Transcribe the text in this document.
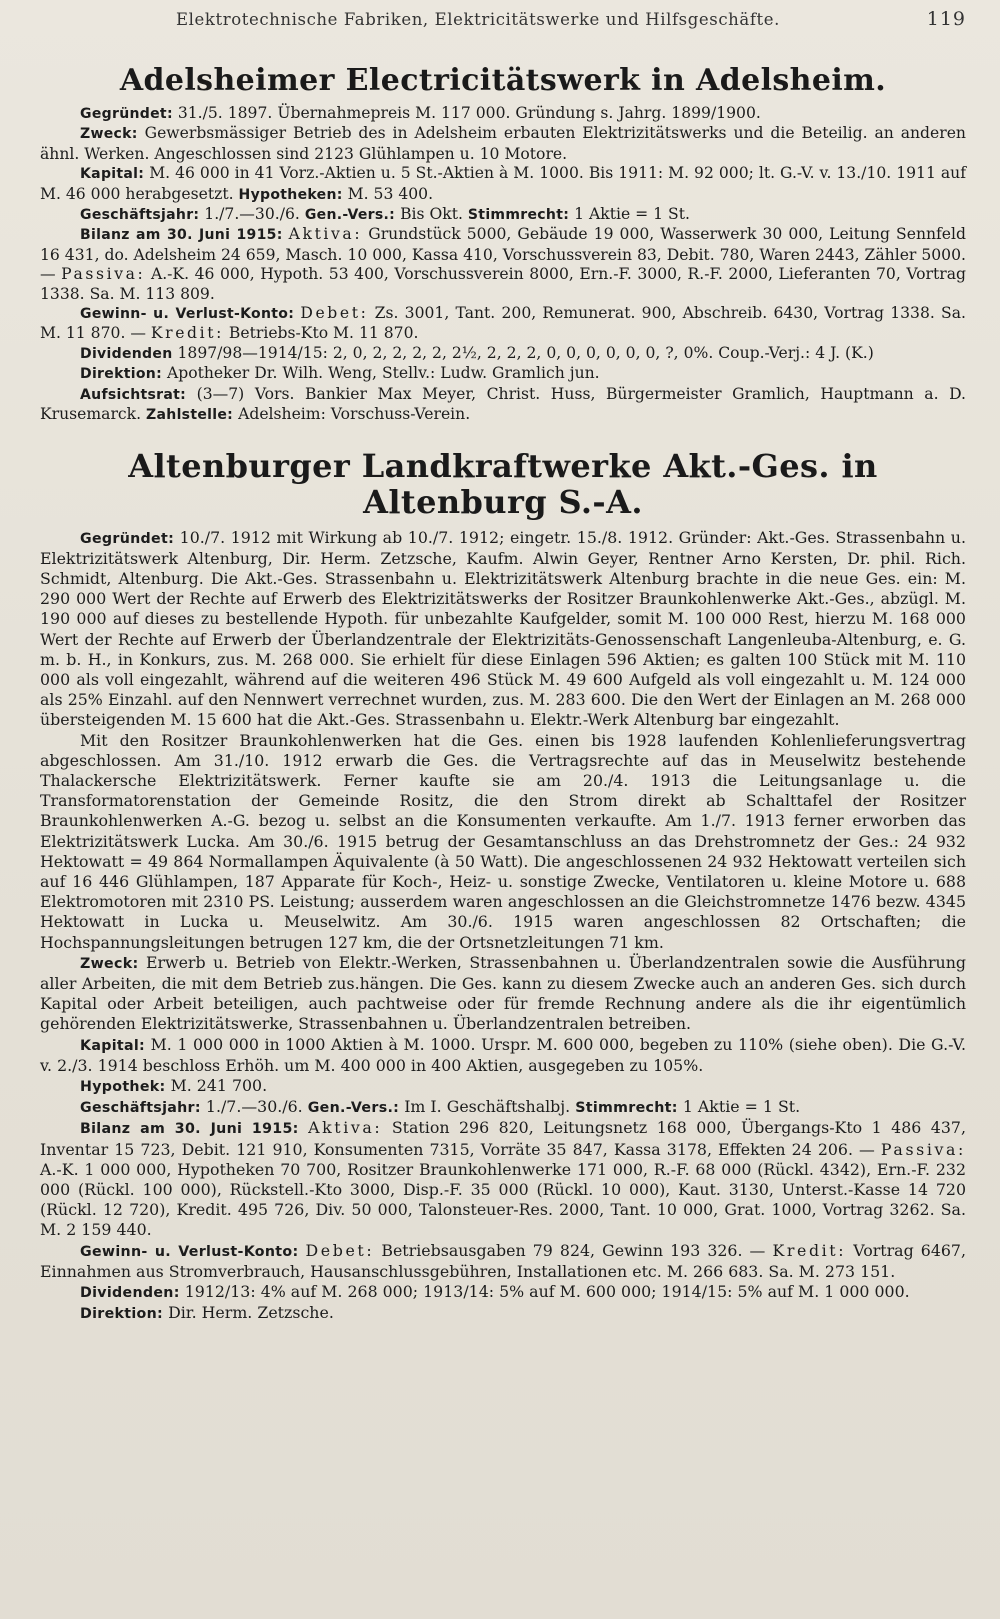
Elektrotechnische Fabriken, Elektricitätswerke und Hilfsgeschäfte.	119
Adelsheimer Electricitätswerk in Adelsheim.

Gegründet: 31./5. 1897. Übernahmepreis M. 117 000. Gründung s. Jahrg. 1899/1900.

Zweck: Gewerbsmässiger Betrieb des in Adelsheim erbauten Elektrizitätswerks und die Beteilig. an anderen ähnl. Werken. Angeschlossen sind 2123 Glühlampen u. 10 Motore.

Kapital: M. 46 000 in 41 Vorz.-Aktien u. 5 St.-Aktien à M. 1000. Bis 1911: M. 92 000; lt. G.-V. v. 13./10. 1911 auf M. 46 000 herabgesetzt. Hypotheken: M. 53 400.

Geschäftsjahr: 1./7.—30./6. Gen.-Vers.: Bis Okt. Stimmrecht: 1 Aktie = 1 St.

Bilanz am 30. Juni 1915: Aktiva: Grundstück 5000, Gebäude 19 000, Wasserwerk 30 000, Leitung Sennfeld 16 431, do. Adelsheim 24 659, Masch. 10 000, Kassa 410, Vorschussverein 83, Debit. 780, Waren 2443, Zähler 5000. — Passiva: A.-K. 46 000, Hypoth. 53 400, Vorschussverein 8000, Ern.-F. 3000, R.-F. 2000, Lieferanten 70, Vortrag 1338. Sa. M. 113 809.

Gewinn- u. Verlust-Konto: Debet: Zs. 3001, Tant. 200, Remunerat. 900, Abschreib. 6430, Vortrag 1338. Sa. M. 11 870. — Kredit: Betriebs-Kto M. 11 870.

Dividenden 1897/98—1914/15: 2, 0, 2, 2, 2, 2, 2½, 2, 2, 2, 0, 0, 0, 0, 0, 0, ?, 0%. Coup.-Verj.: 4 J. (K.)

Direktion: Apotheker Dr. Wilh. Weng, Stellv.: Ludw. Gramlich jun.

Aufsichtsrat: (3—7) Vors. Bankier Max Meyer, Christ. Huss, Bürgermeister Gramlich, Hauptmann a. D. Krusemarck. Zahlstelle: Adelsheim: Vorschuss-Verein.

Altenburger Landkraftwerke Akt.-Ges. in Altenburg S.-A.

Gegründet: 10./7. 1912 mit Wirkung ab 10./7. 1912; eingetr. 15./8. 1912. Gründer: Akt.-Ges. Strassenbahn u. Elektrizitätswerk Altenburg, Dir. Herm. Zetzsche, Kaufm. Alwin Geyer, Rentner Arno Kersten, Dr. phil. Rich. Schmidt, Altenburg. Die Akt.-Ges. Strassenbahn u. Elektrizitätswerk Altenburg brachte in die neue Ges. ein: M. 290 000 Wert der Rechte auf Erwerb des Elektrizitätswerks der Rositzer Braunkohlenwerke Akt.-Ges., abzügl. M. 190 000 auf dieses zu bestellende Hypoth. für unbezahlte Kaufgelder, somit M. 100 000 Rest, hierzu M. 168 000 Wert der Rechte auf Erwerb der Überlandzentrale der Elektrizitäts-Genossenschaft Langenleuba-Altenburg, e. G. m. b. H., in Konkurs, zus. M. 268 000. Sie erhielt für diese Einlagen 596 Aktien; es galten 100 Stück mit M. 110 000 als voll eingezahlt, während auf die weiteren 496 Stück M. 49 600 Aufgeld als voll eingezahlt u. M. 124 000 als 25% Einzahl. auf den Nennwert verrechnet wurden, zus. M. 283 600. Die den Wert der Einlagen an M. 268 000 übersteigenden M. 15 600 hat die Akt.-Ges. Strassenbahn u. Elektr.-Werk Altenburg bar eingezahlt.

Mit den Rositzer Braunkohlenwerken hat die Ges. einen bis 1928 laufenden Kohlenlieferungsvertrag abgeschlossen. Am 31./10. 1912 erwarb die Ges. die Vertragsrechte auf das in Meuselwitz bestehende Thalackersche Elektrizitätswerk. Ferner kaufte sie am 20./4. 1913 die Leitungsanlage u. die Transformatorenstation der Gemeinde Rositz, die den Strom direkt ab Schalttafel der Rositzer Braunkohlenwerken A.-G. bezog u. selbst an die Konsumenten verkaufte. Am 1./7. 1913 ferner erworben das Elektrizitätswerk Lucka. Am 30./6. 1915 betrug der Gesamtanschluss an das Drehstromnetz der Ges.: 24 932 Hektowatt = 49 864 Normallampen Äquivalente (à 50 Watt). Die angeschlossenen 24 932 Hektowatt verteilen sich auf 16 446 Glühlampen, 187 Apparate für Koch-, Heiz- u. sonstige Zwecke, Ventilatoren u. kleine Motore u. 688 Elektromotoren mit 2310 PS. Leistung; ausserdem waren angeschlossen an die Gleichstromnetze 1476 bezw. 4345 Hektowatt in Lucka u. Meuselwitz. Am 30./6. 1915 waren angeschlossen 82 Ortschaften; die Hochspannungsleitungen betrugen 127 km, die der Ortsnetzleitungen 71 km.

Zweck: Erwerb u. Betrieb von Elektr.-Werken, Strassenbahnen u. Überlandzentralen sowie die Ausführung aller Arbeiten, die mit dem Betrieb zus.hängen. Die Ges. kann zu diesem Zwecke auch an anderen Ges. sich durch Kapital oder Arbeit beteiligen, auch pachtweise oder für fremde Rechnung andere als die ihr eigentümlich gehörenden Elektrizitätswerke, Strassenbahnen u. Überlandzentralen betreiben.

Kapital: M. 1 000 000 in 1000 Aktien à M. 1000. Urspr. M. 600 000, begeben zu 110% (siehe oben). Die G.-V. v. 2./3. 1914 beschloss Erhöh. um M. 400 000 in 400 Aktien, ausgegeben zu 105%.

Hypothek: M. 241 700.

Geschäftsjahr: 1./7.—30./6. Gen.-Vers.: Im I. Geschäftshalbj. Stimmrecht: 1 Aktie = 1 St.

Bilanz am 30. Juni 1915: Aktiva: Station 296 820, Leitungsnetz 168 000, Übergangs-Kto 1 486 437, Inventar 15 723, Debit. 121 910, Konsumenten 7315, Vorräte 35 847, Kassa 3178, Effekten 24 206. — Passiva: A.-K. 1 000 000, Hypotheken 70 700, Rositzer Braunkohlenwerke 171 000, R.-F. 68 000 (Rückl. 4342), Ern.-F. 232 000 (Rückl. 100 000), Rückstell.-Kto 3000, Disp.-F. 35 000 (Rückl. 10 000), Kaut. 3130, Unterst.-Kasse 14 720 (Rückl. 12 720), Kredit. 495 726, Div. 50 000, Talonsteuer-Res. 2000, Tant. 10 000, Grat. 1000, Vortrag 3262. Sa. M. 2 159 440.

Gewinn- u. Verlust-Konto: Debet: Betriebsausgaben 79 824, Gewinn 193 326. — Kredit: Vortrag 6467, Einnahmen aus Stromverbrauch, Hausanschlussgebühren, Installationen etc. M. 266 683. Sa. M. 273 151.

Dividenden: 1912/13: 4% auf M. 268 000; 1913/14: 5% auf M. 600 000; 1914/15: 5% auf M. 1 000 000.

Direktion: Dir. Herm. Zetzsche.
